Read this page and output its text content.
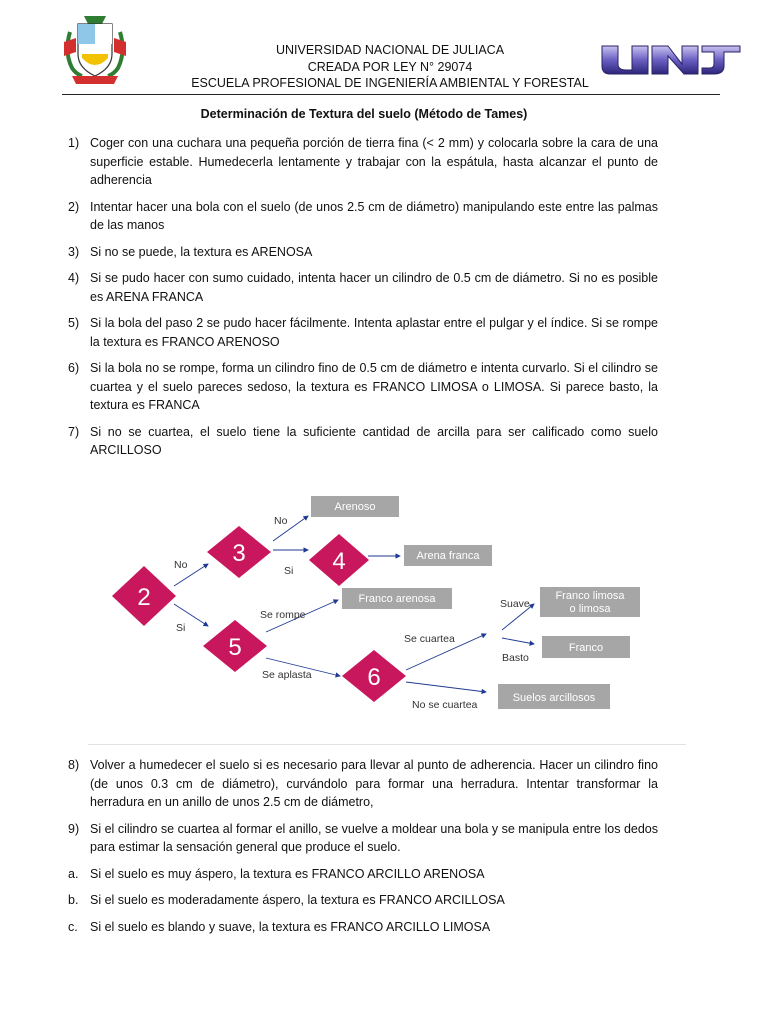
UNIVERSIDAD NACIONAL DE JULIACA
CREADA POR LEY N° 29074
ESCUELA PROFESIONAL DE INGENIERÍA AMBIENTAL Y FORESTAL
Determinación de Textura del suelo (Método de Tames)
1) Coger con una cuchara una pequeña porción de tierra fina (< 2 mm) y colocarla sobre la cara de una superficie estable. Humedecerla lentamente y trabajar con la espátula, hasta alcanzar el punto de adherencia
2) Intentar hacer una bola con el suelo (de unos 2.5 cm de diámetro) manipulando este entre las palmas de las manos
3) Si no se puede, la textura es ARENOSA
4) Si se pudo hacer con sumo cuidado, intenta hacer un cilindro de 0.5 cm de diámetro. Si no es posible es ARENA FRANCA
5) Si la bola del paso 2 se pudo hacer fácilmente. Intenta aplastar entre el pulgar y el índice. Si se rompe la textura es FRANCO ARENOSO
6) Si la bola no se rompe, forma un cilindro fino de 0.5 cm de diámetro e intenta curvarlo. Si el cilindro se cuartea y el suelo pareces sedoso, la textura es FRANCO LIMOSA o LIMOSA. Si parece basto, la textura es FRANCA
7) Si no se cuartea, el suelo tiene la suficiente cantidad de arcilla para ser calificado como suelo ARCILLOSO
No
Si
No
Si
Se rompe
Se aplasta
Se cuartea
No se cuartea
Suave
Basto
2
3	4
5
6
Arenoso
Arena franca
Franco arenosa	Franco limosa
o limosa
Franco
Suelos arcillosos
8) Volver a humedecer el suelo si es necesario para llevar al punto de adherencia. Hacer un cilindro fino (de unos 0.3 cm de diámetro), curvándolo para formar una herradura. Intentar transformar la herradura en un anillo de unos 2.5 cm de diámetro,
9) Si el cilindro se cuartea al formar el anillo, se vuelve a moldear una bola y se manipula entre los dedos para estimar la sensación general que produce el suelo.
a. Si el suelo es muy áspero, la textura es FRANCO ARCILLO ARENOSA
b. Si el suelo es moderadamente áspero, la textura es FRANCO ARCILLOSA
c. Si el suelo es blando y suave, la textura es FRANCO ARCILLO LIMOSA
